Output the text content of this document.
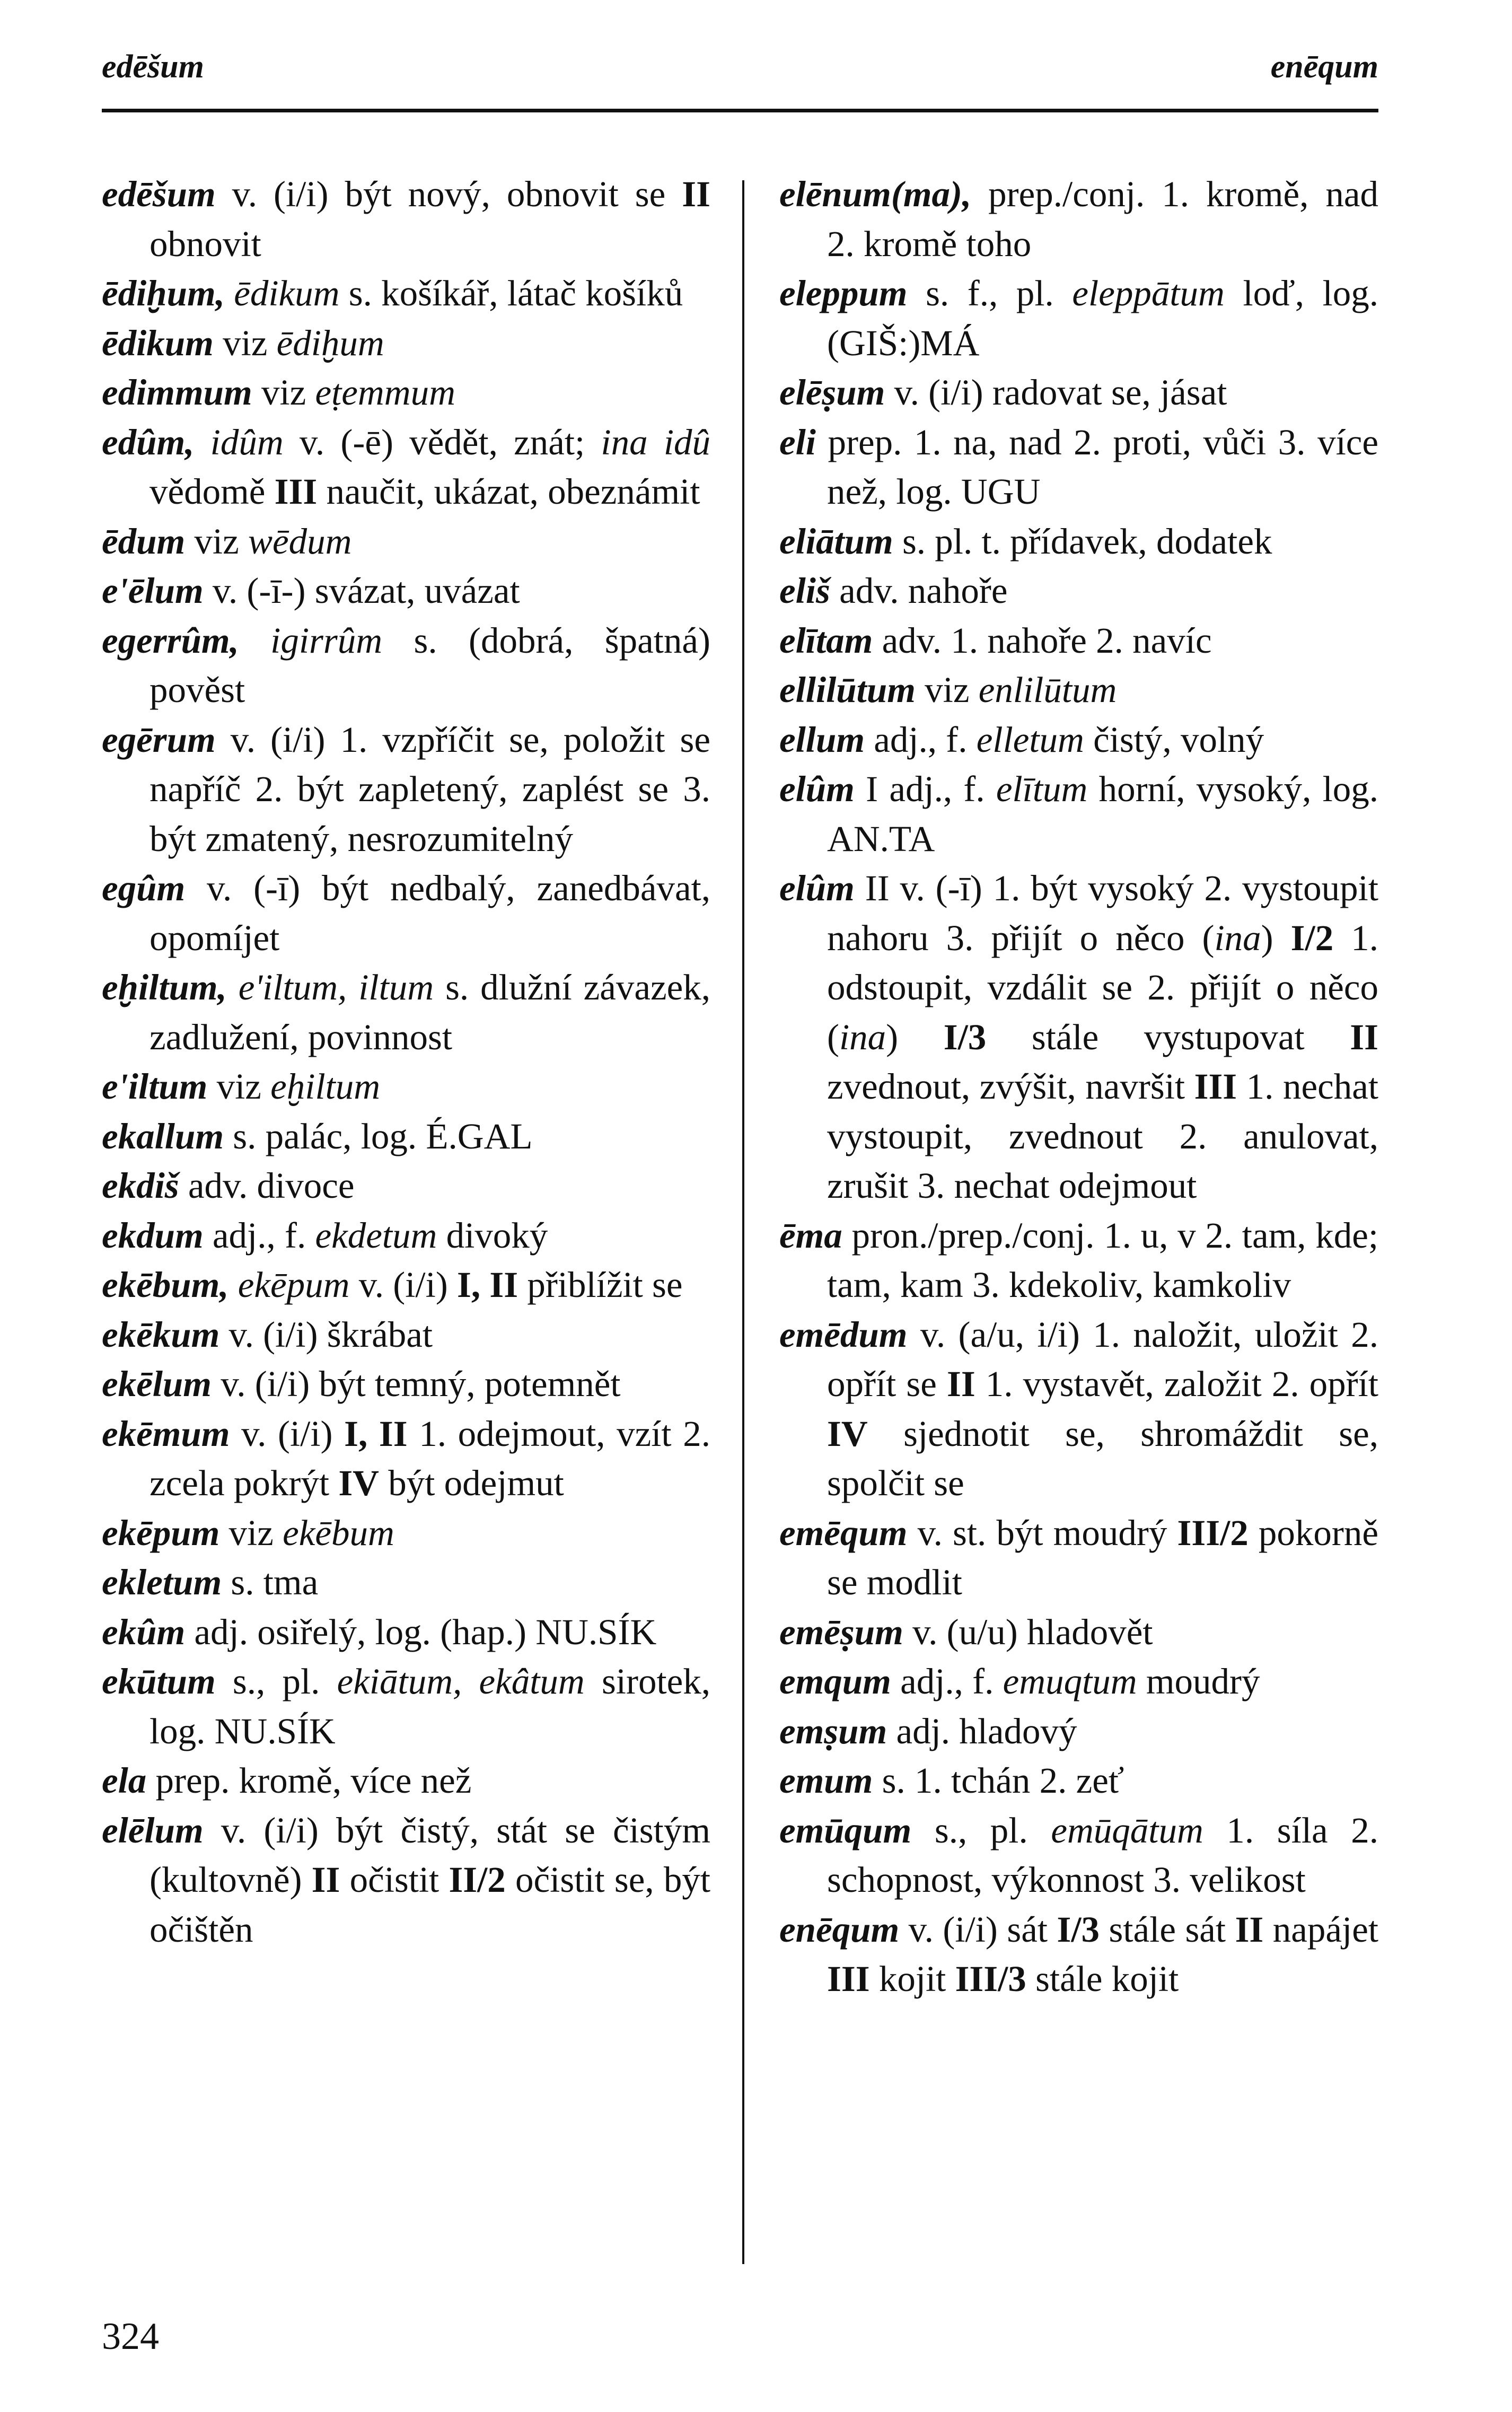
edēšum	enēqum

edēšum v. (i/i) být nový, obnovit se II obnovit

ēdiḫum, ēdikum s. košíkář, látač košíků

ēdikum viz ēdiḫum

edimmum viz eṭemmum

edûm, idûm v. (-ē) vědět, znát; ina idû vědomě III naučit, ukázat, obeznámit

ēdum viz wēdum

e'ēlum v. (-ī-) svázat, uvázat

egerrûm, igirrûm s. (dobrá, špatná) pověst

egērum v. (i/i) 1. vzpříčit se, položit se napříč 2. být zapletený, zaplést se 3. být zmatený, nesrozumitelný

egûm v. (-ī) být nedbalý, zanedbávat, opomíjet

eḫiltum, e'iltum, iltum s. dlužní závazek, zadlužení, povinnost

e'iltum viz eḫiltum

ekallum s. palác, log. É.GAL

ekdiš adv. divoce

ekdum adj., f. ekdetum divoký

ekēbum, ekēpum v. (i/i) I, II přiblížit se

ekēkum v. (i/i) škrábat

ekēlum v. (i/i) být temný, potemnět

ekēmum v. (i/i) I, II 1. odejmout, vzít 2. zcela pokrýt IV být odejmut

ekēpum viz ekēbum

ekletum s. tma

ekûm adj. osiřelý, log. (hap.) NU.SÍK

ekūtum s., pl. ekiātum, ekâtum sirotek, log. NU.SÍK

ela prep. kromě, více než

elēlum v. (i/i) být čistý, stát se čistým (kultovně) II očistit II/2 očistit se, být očištěn

elēnum(ma), prep./conj. 1. kromě, nad 2. kromě toho

eleppum s. f., pl. eleppātum loď, log. (GIŠ:)MÁ

elēṣum v. (i/i) radovat se, jásat

eli prep. 1. na, nad 2. proti, vůči 3. více než, log. UGU

eliātum s. pl. t. přídavek, dodatek

eliš adv. nahoře

elītam adv. 1. nahoře 2. navíc

ellilūtum viz enlilūtum

ellum adj., f. elletum čistý, volný

elûm I adj., f. elītum horní, vysoký, log. AN.TA

elûm II v. (-ī) 1. být vysoký 2. vystoupit nahoru 3. přijít o něco (ina) I/2 1. odstoupit, vzdálit se 2. přijít o něco (ina) I/3 stále vystupovat II zvednout, zvýšit, navršit III 1. nechat vystoupit, zvednout 2. anulovat, zrušit 3. nechat odejmout

ēma pron./prep./conj. 1. u, v 2. tam, kde; tam, kam 3. kdekoliv, kamkoliv

emēdum v. (a/u, i/i) 1. naložit, uložit 2. opřít se II 1. vystavět, založit 2. opřít IV sjednotit se, shromáždit se, spolčit se

emēqum v. st. být moudrý III/2 pokorně se modlit

emēṣum v. (u/u) hladovět

emqum adj., f. emuqtum moudrý

emṣum adj. hladový

emum s. 1. tchán 2. zeť

emūqum s., pl. emūqātum 1. síla 2. schopnost, výkonnost 3. velikost

enēqum v. (i/i) sát I/3 stále sát II napájet III kojit III/3 stále kojit

324
